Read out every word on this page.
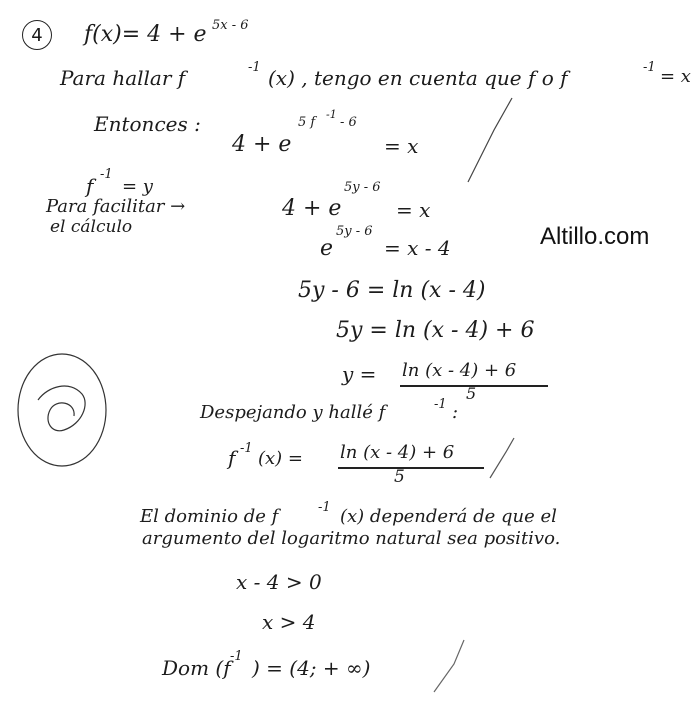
4 f(x)= 4 + e 5x - 6
Para hallar f	-1 (x) , tengo en cuenta que f o f	-1 = x
Entonces :
4 + e
5 f
-1
- 6
= x
f -1
= y
Para facilitar →
el cálculo
4 + e
5y - 6
= x
e
5y - 6
= x - 4
5y - 6 = ln (x - 4)
5y = ln (x - 4) + 6
y = ln (x - 4) + 6
5
Despejando y hallé f	-1 :
f -1 (x) = ln (x - 4) + 6
5
El dominio de f	-1 (x) dependerá de que el
argumento del logaritmo natural sea positivo.
x - 4 > 0
x > 4
Dom (f -1 ) = (4; + ∞)
Altillo.com
